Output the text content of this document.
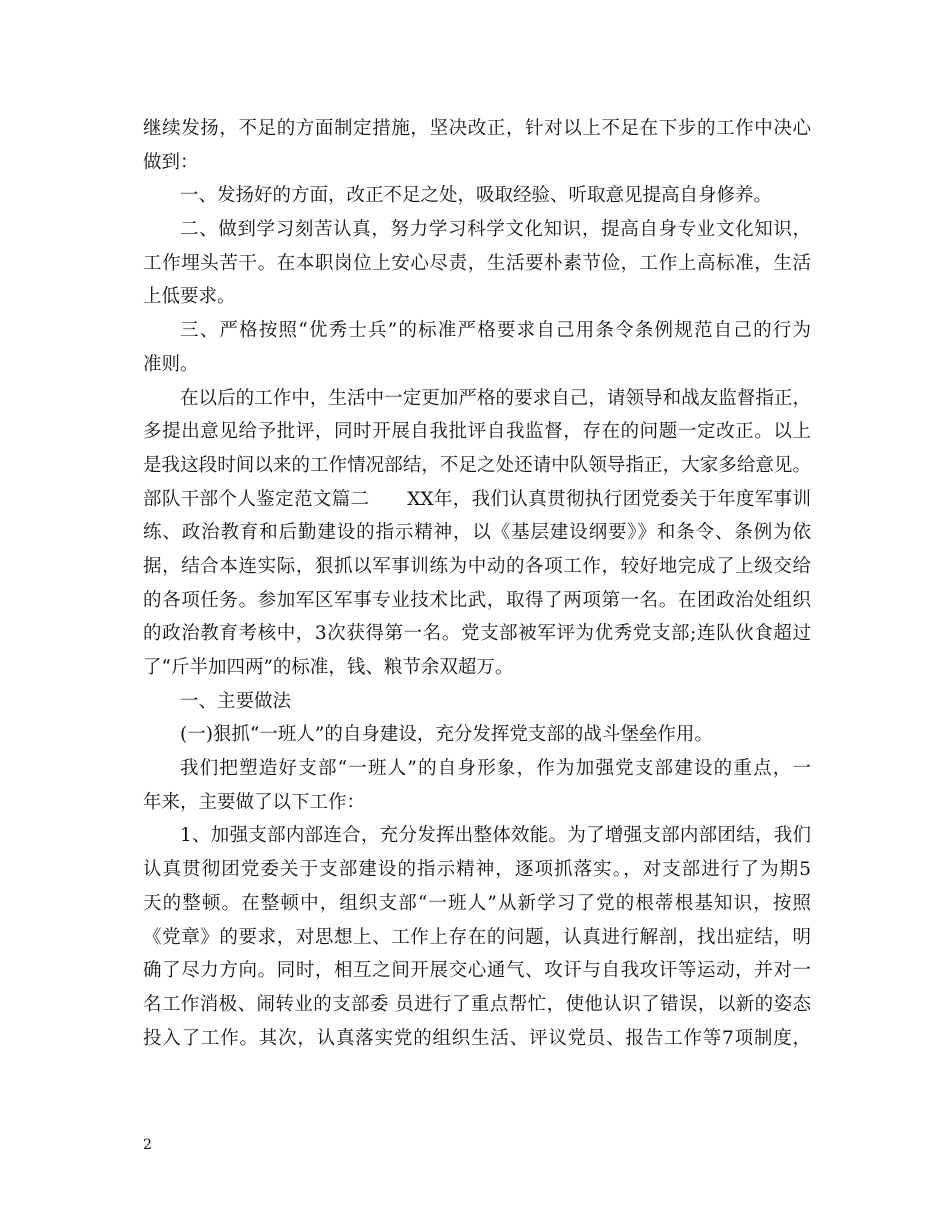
继续发扬，不足的方面制定措施，坚决改正，针对以上不足在下步的工作中决心
做到：
一、发扬好的方面，改正不足之处，吸取经验、听取意见提高自身修养。
二、做到学习刻苦认真，努力学习科学文化知识，提高自身专业文化知识，
工作埋头苦干。在本职岗位上安心尽责，生活要朴素节俭，工作上高标准，生活
上低要求。
三、严格按照“优秀士兵”的标准严格要求自己用条令条例规范自己的行为
准则。
在以后的工作中，生活中一定更加严格的要求自己，请领导和战友监督指正，
多提出意见给予批评，同时开展自我批评自我监督，存在的问题一定改正。以上
是我这段时间以来的工作情况部结，不足之处还请中队领导指正，大家多给意见。
部队干部个人鉴定范文篇二　　XX年，我们认真贯彻执行团党委关于年度军事训
练、政治教育和后勤建设的指示精神，以《基层建设纲要》》和条令、条例为依
据，结合本连实际，狠抓以军事训练为中动的各项工作，较好地完成了上级交给
的各项任务。参加军区军事专业技术比武，取得了两项第一名。在团政治处组织
的政治教育考核中，3次获得第一名。党支部被军评为优秀党支部;连队伙食超过
了“斤半加四两”的标准，钱、粮节余双超万。
一、主要做法
(一)狠抓“一班人”的自身建设，充分发挥党支部的战斗堡垒作用。
我们把塑造好支部“一班人”的自身形象，作为加强党支部建设的重点，一
年来，主要做了以下工作：
1、加强支部内部连合，充分发挥出整体效能。为了增强支部内部团结，我们
认真贯彻团党委关于支部建设的指示精神，逐项抓落实。，对支部进行了为期5
天的整顿。在整顿中，组织支部“一班人”从新学习了党的根蒂根基知识，按照
《党章》的要求，对思想上、工作上存在的问题，认真进行解剖，找出症结，明
确了尽力方向。同时，相互之间开展交心通气、攻讦与自我攻讦等运动，并对一
名工作消极、闹转业的支部委 员进行了重点帮忙，使他认识了错误，以新的姿态
投入了工作。其次，认真落实党的组织生活、评议党员、报告工作等7项制度，
2
